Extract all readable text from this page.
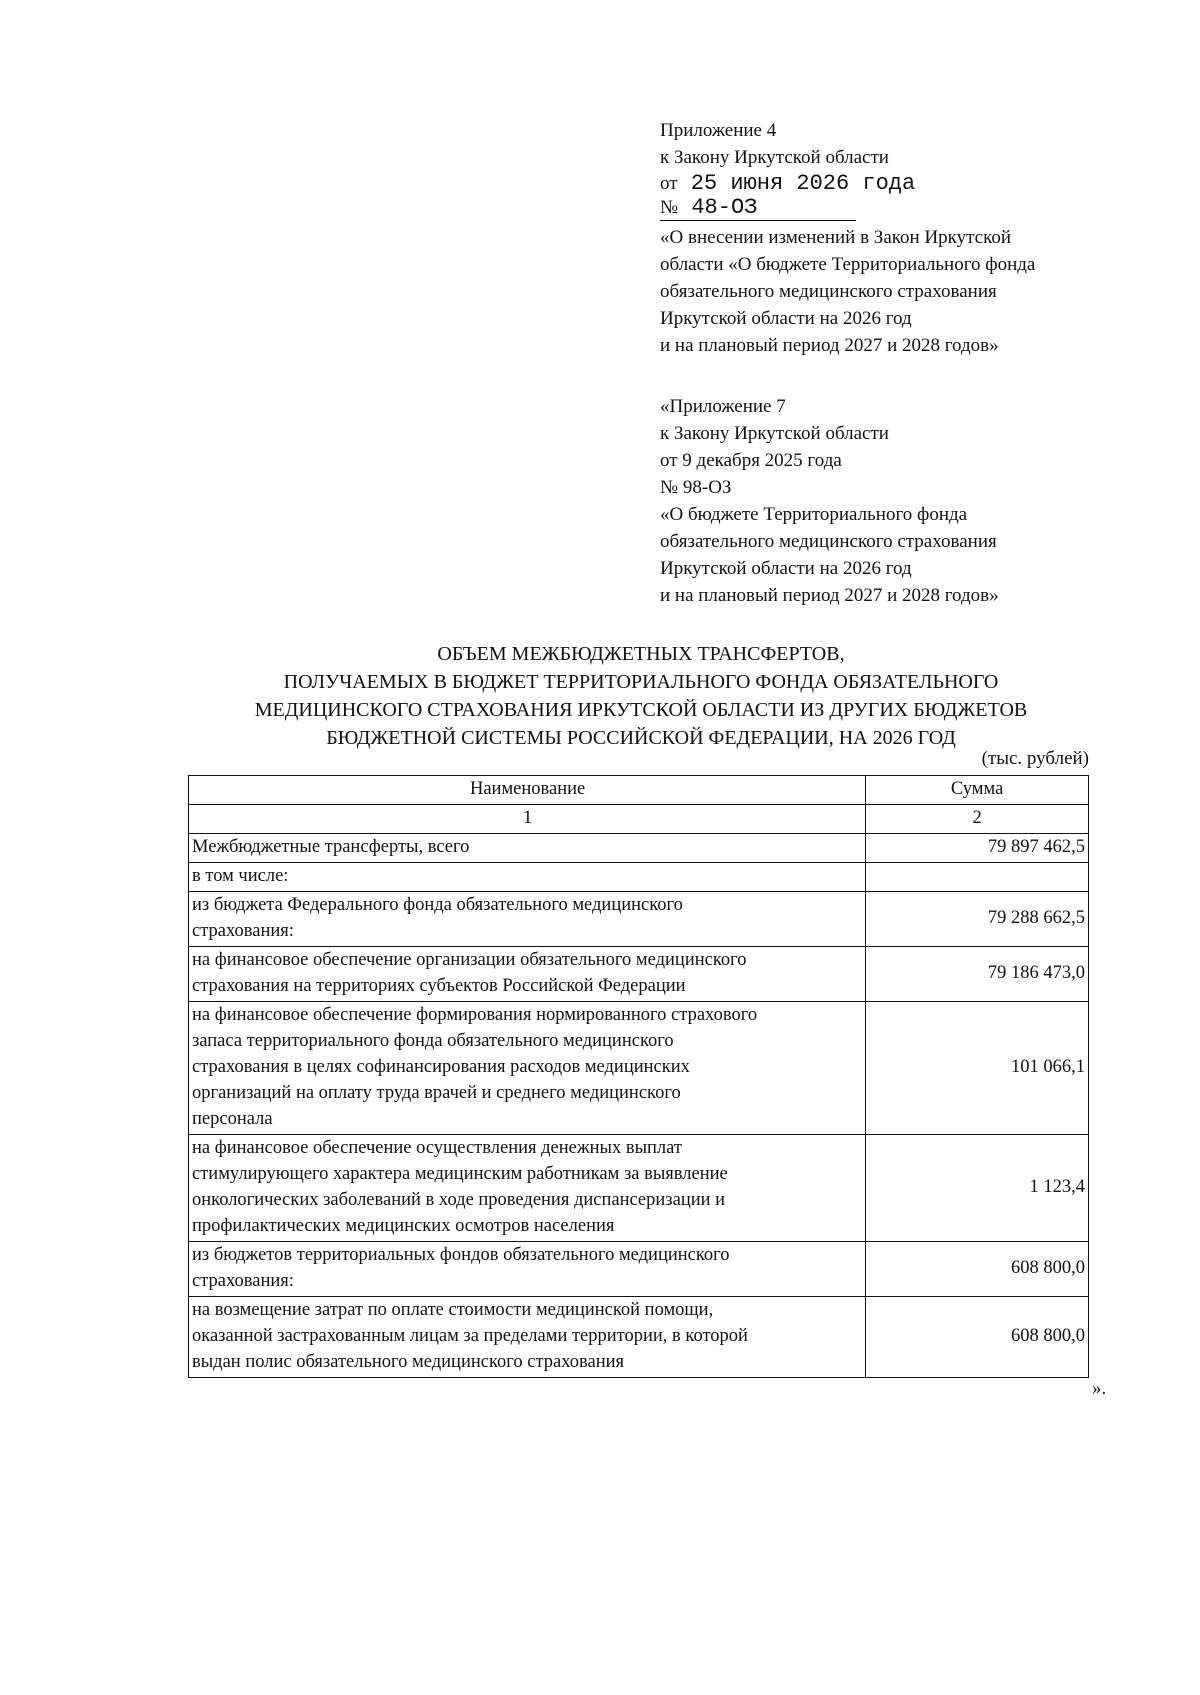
Приложение 4
к Закону Иркутской области
от 25 июня 2026 года
№ 48-ОЗ
«О внесении изменений в Закон Иркутской
области «О бюджете Территориального фонда
обязательного медицинского страхования
Иркутской области на 2026 год
и на плановый период 2027 и 2028 годов»
«Приложение 7
к Закону Иркутской области
от 9 декабря 2025 года
№ 98-ОЗ
«О бюджете Территориального фонда
обязательного медицинского страхования
Иркутской области на 2026 год
и на плановый период 2027 и 2028 годов»
ОБЪЕМ МЕЖБЮДЖЕТНЫХ ТРАНСФЕРТОВ,
ПОЛУЧАЕМЫХ В БЮДЖЕТ ТЕРРИТОРИАЛЬНОГО ФОНДА ОБЯЗАТЕЛЬНОГО
МЕДИЦИНСКОГО СТРАХОВАНИЯ ИРКУТСКОЙ ОБЛАСТИ ИЗ ДРУГИХ БЮДЖЕТОВ
БЮДЖЕТНОЙ СИСТЕМЫ РОССИЙСКОЙ ФЕДЕРАЦИИ, НА 2026 ГОД
(тыс. рублей)
Наименование	Сумма
1	2

Межбюджетные трансферты, всего	79 897 462,5

в том числе:	

из бюджета Федерального фонда обязательного медицинского
страхования:	79 288 662,5

на финансовое обеспечение организации обязательного медицинского
страхования на территориях субъектов Российской Федерации	79 186 473,0

на финансовое обеспечение формирования нормированного страхового
запаса территориального фонда обязательного медицинского
страхования в целях софинансирования расходов медицинских
организаций на оплату труда врачей и среднего медицинского
персонала	101 066,1

на финансовое обеспечение осуществления денежных выплат
стимулирующего характера медицинским работникам за выявление
онкологических заболеваний в ходе проведения диспансеризации и
профилактических медицинских осмотров населения	1 123,4

из бюджетов территориальных фондов обязательного медицинского
страхования:	608 800,0

на возмещение затрат по оплате стоимости медицинской помощи,
оказанной застрахованным лицам за пределами территории, в которой
выдан полис обязательного медицинского страхования	608 800,0
».
